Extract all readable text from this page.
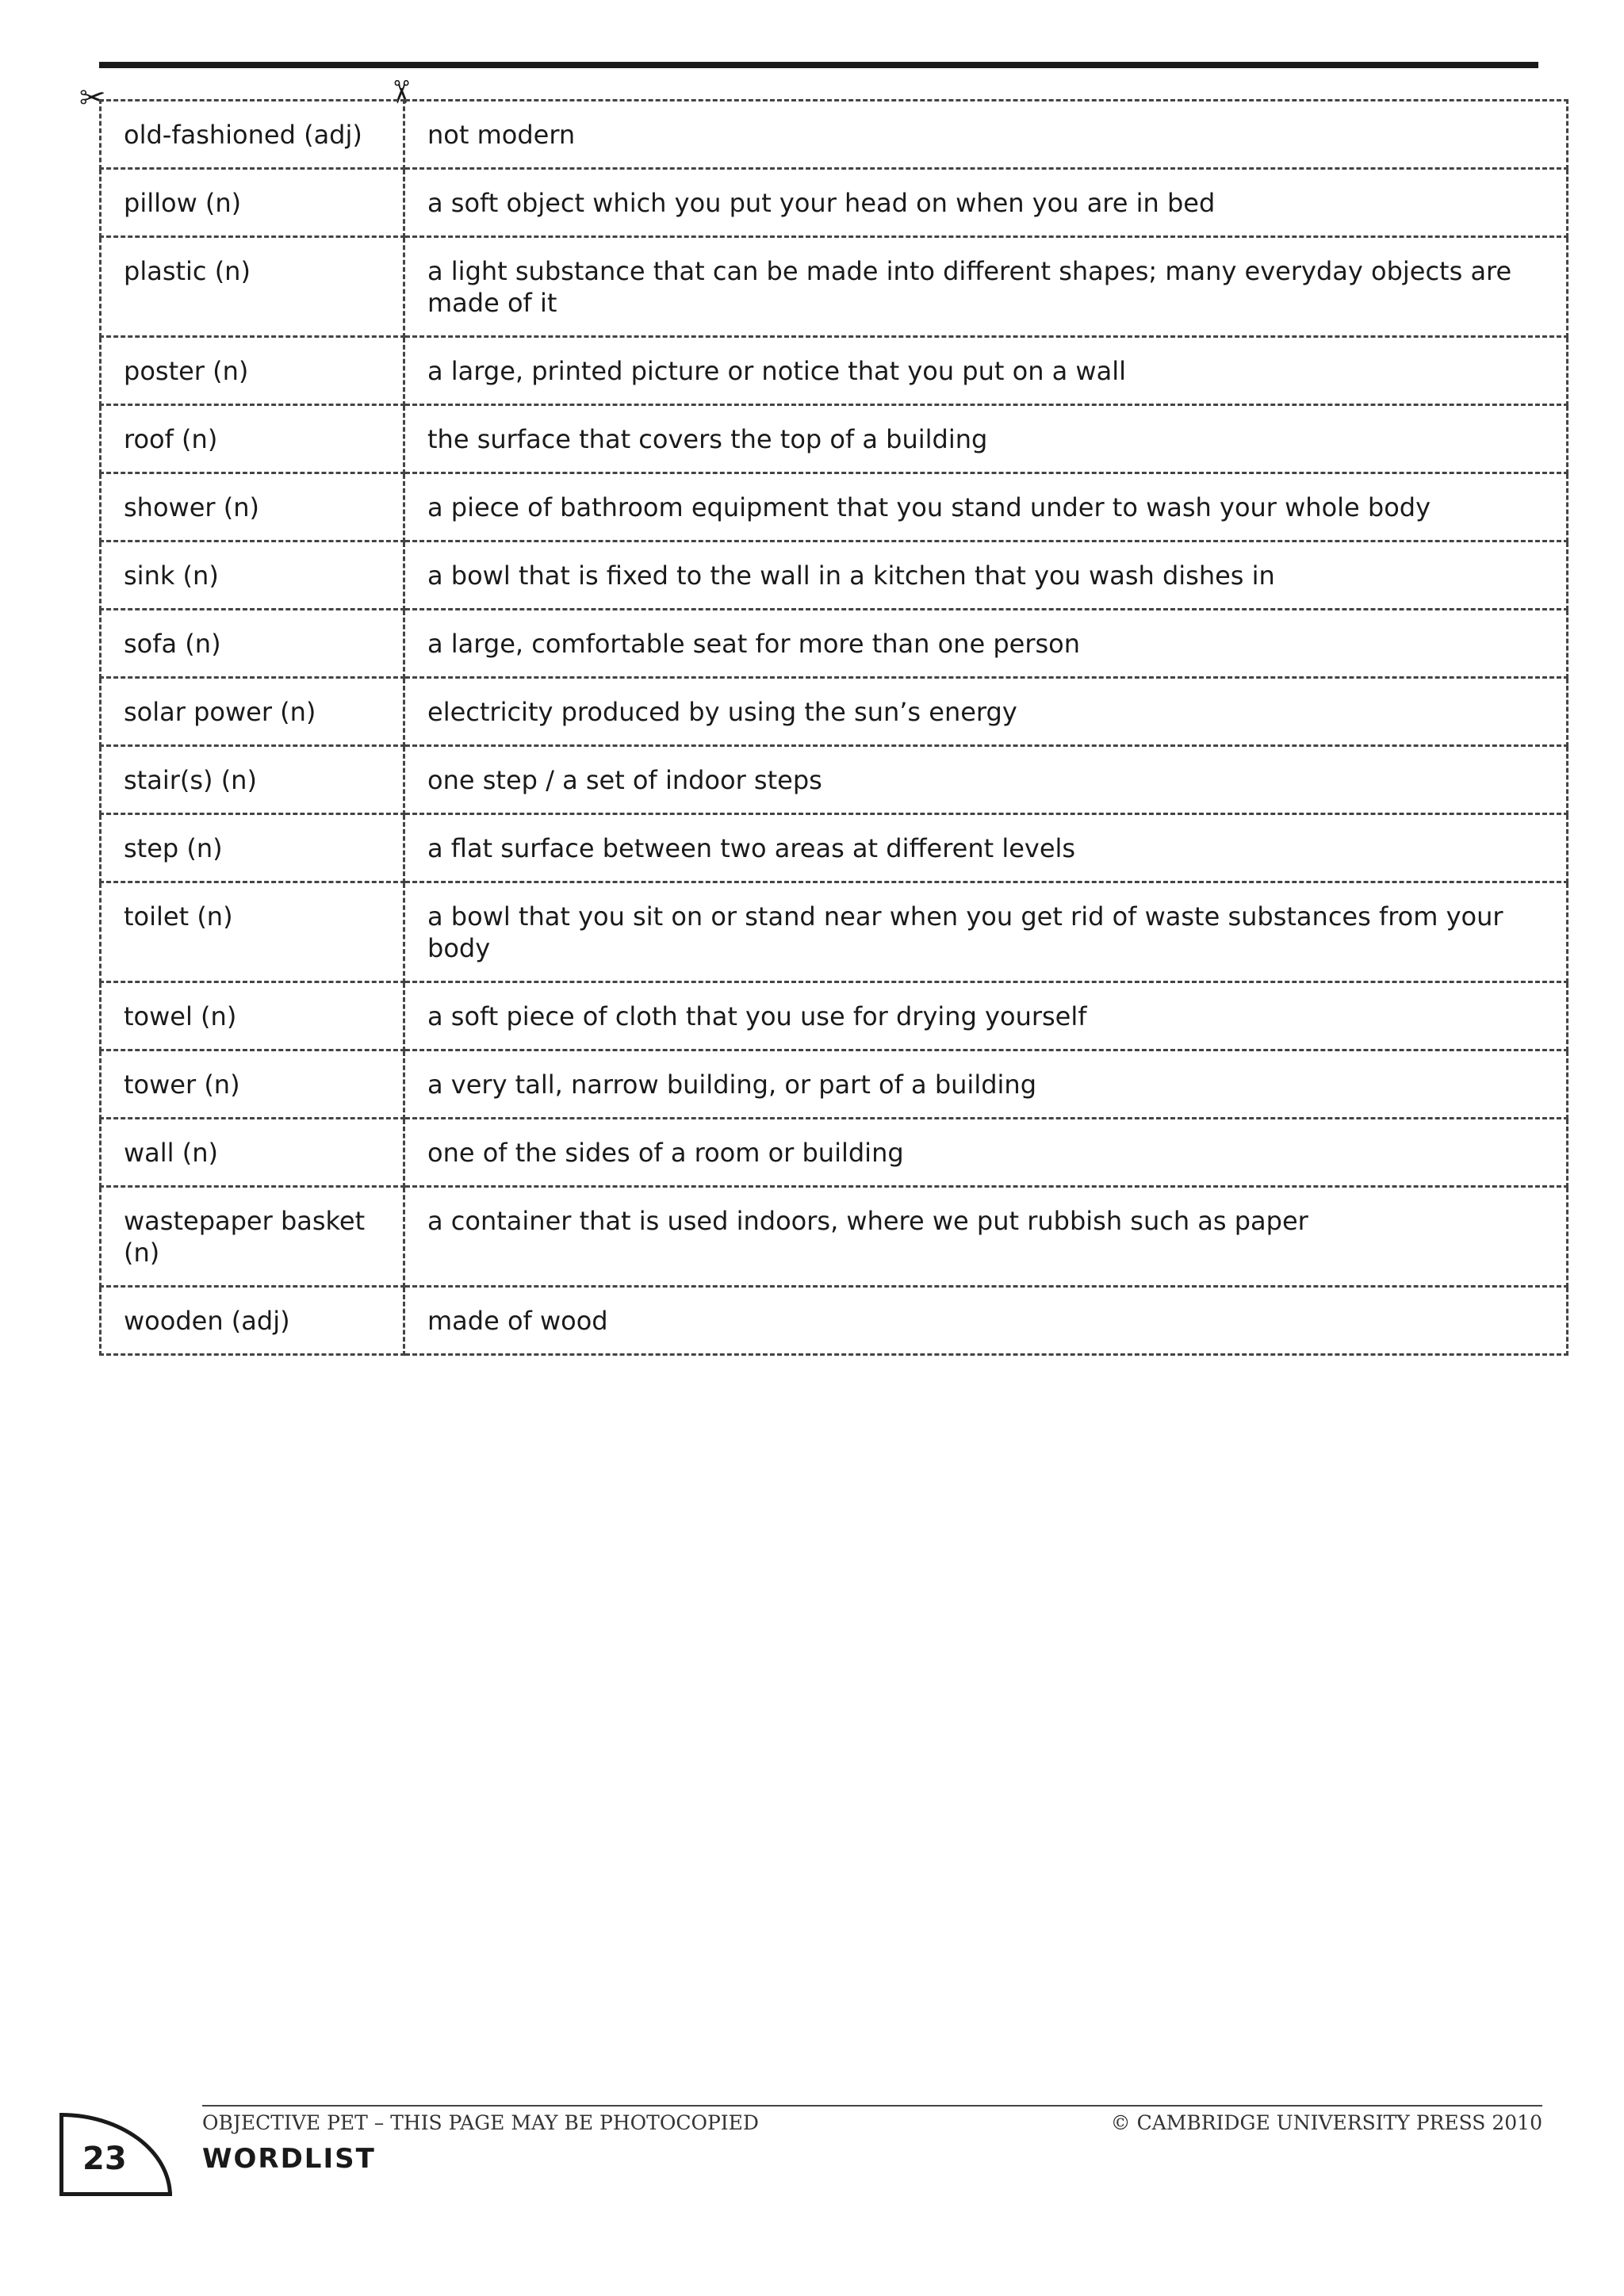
✂	✂
old-fashioned (adj)	not modern
pillow (n)	a soft object which you put your head on when you are in bed
plastic (n)	a light substance that can be made into different shapes; many everyday objects are
made of it
poster (n)	a large, printed picture or notice that you put on a wall
roof (n)	the surface that covers the top of a building
shower (n)	a piece of bathroom equipment that you stand under to wash your whole body
sink (n)	a bowl that is fixed to the wall in a kitchen that you wash dishes in
sofa (n)	a large, comfortable seat for more than one person
solar power (n)	electricity produced by using the sun’s energy
stair(s) (n)	one step / a set of indoor steps
step (n)	a flat surface between two areas at different levels
toilet (n)	a bowl that you sit on or stand near when you get rid of waste substances from your body
towel (n)	a soft piece of cloth that you use for drying yourself
tower (n)	a very tall, narrow building, or part of a building
wall (n)	one of the sides of a room or building
wastepaper basket (n)	a container that is used indoors, where we put rubbish such as paper
wooden (adj)	made of wood
OBJECTIVE PET – THIS PAGE MAY BE PHOTOCOPIED	© CAMBRIDGE UNIVERSITY PRESS 2010
WORDLIST
23
